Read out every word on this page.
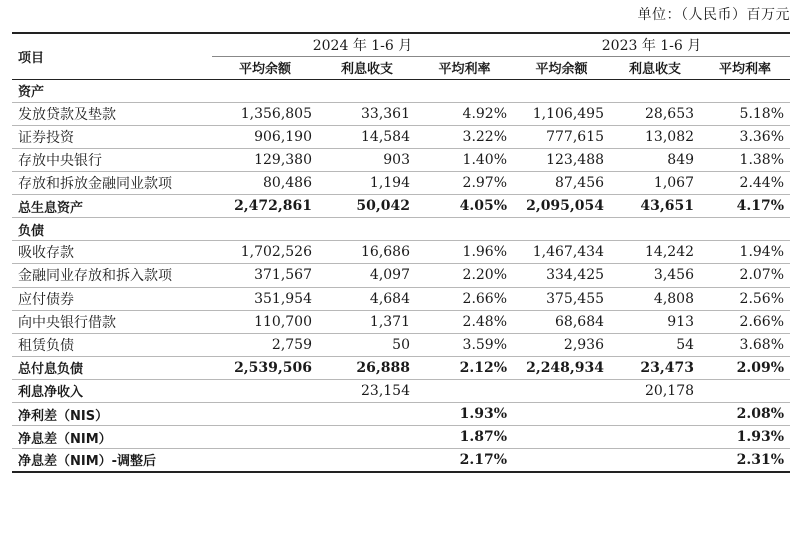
单位：（人民币）百万元
项目	2024 年 1-6 月			2023 年 1-6 月		
	平均余额	利息收支	平均利率	平均余额	利息收支	平均利率
资产						
发放贷款及垫款	1,356,805	33,361	4.92%	1,106,495	28,653	5.18%
证券投资	906,190	14,584	3.22%	777,615	13,082	3.36%
存放中央银行	129,380	903	1.40%	123,488	849	1.38%
存放和拆放金融同业款项	80,486	1,194	2.97%	87,456	1,067	2.44%
总生息资产	2,472,861	50,042	4.05%	2,095,054	43,651	4.17%
负债						
吸收存款	1,702,526	16,686	1.96%	1,467,434	14,242	1.94%
金融同业存放和拆入款项	371,567	4,097	2.20%	334,425	3,456	2.07%
应付债券	351,954	4,684	2.66%	375,455	4,808	2.56%
向中央银行借款	110,700	1,371	2.48%	68,684	913	2.66%
租赁负债	2,759	50	3.59%	2,936	54	3.68%
总付息负债	2,539,506	26,888	2.12%	2,248,934	23,473	2.09%
利息净收入		23,154			20,178	
净利差（NIS）			1.93%			2.08%
净息差（NIM）			1.87%			1.93%
净息差（NIM）-调整后			2.17%			2.31%
